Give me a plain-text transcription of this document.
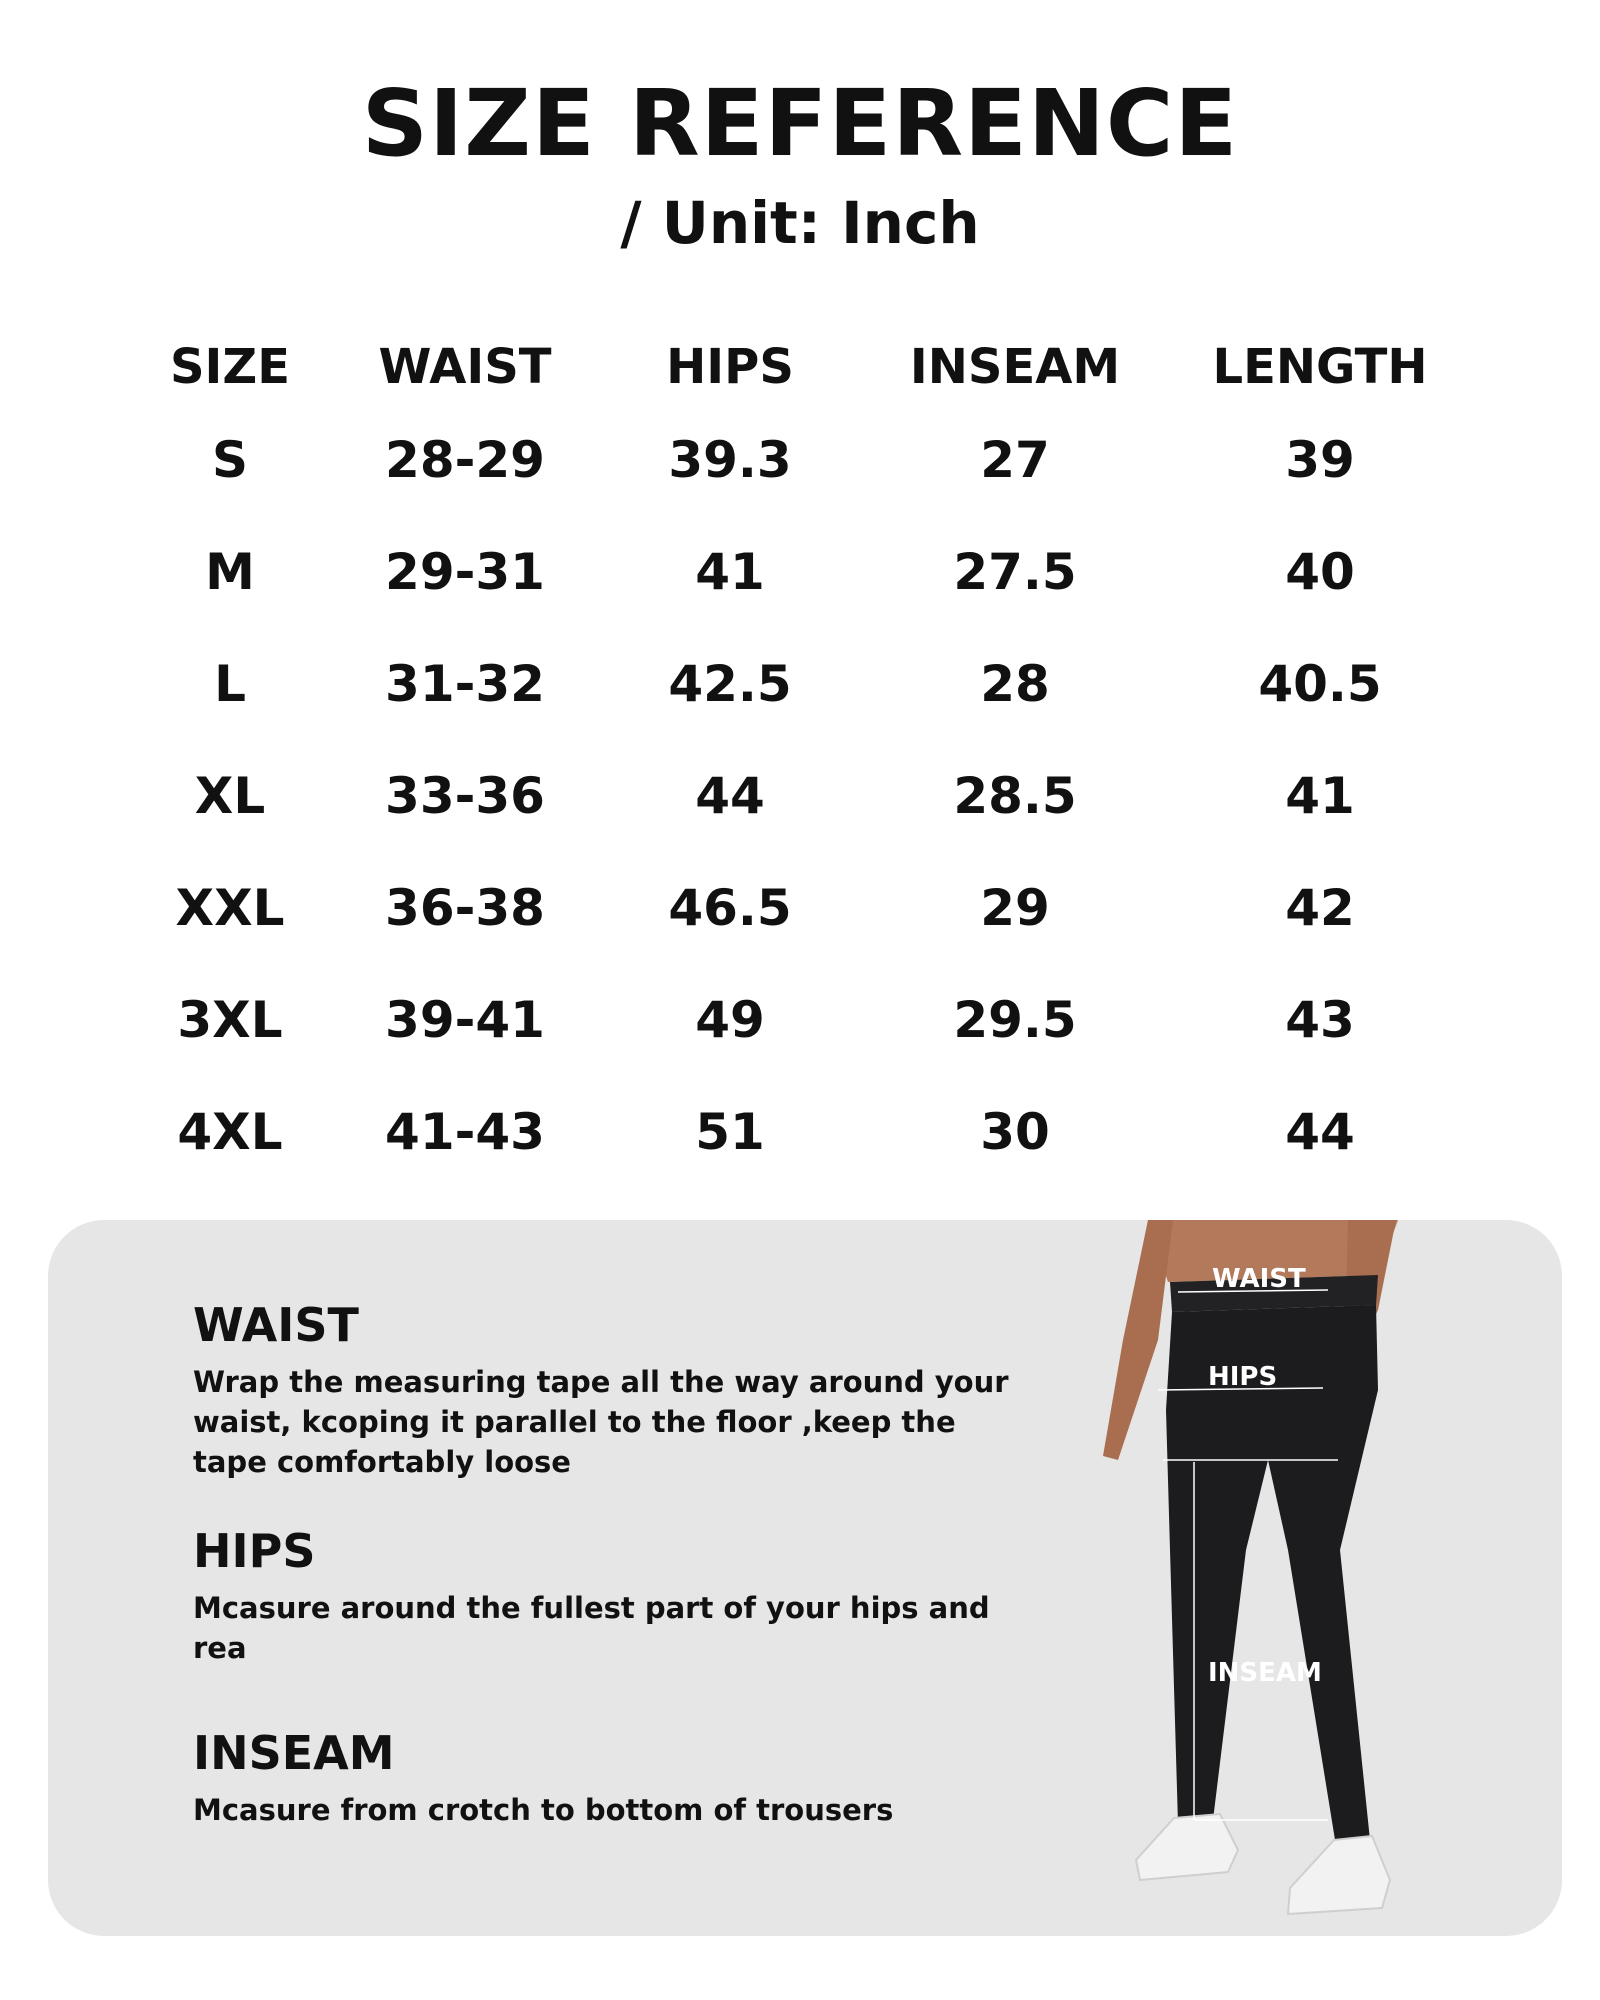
SIZE REFERENCE
/ Unit: Inch
SIZE	WAIST	HIPS	INSEAM	LENGTH
S	28-29	39.3	27	39
M	29-31	41	27.5	40
L	31-32	42.5	28	40.5
XL	33-36	44	28.5	41
XXL	36-38	46.5	29	42
3XL	39-41	49	29.5	43
4XL	41-43	51	30	44
WAIST

Wrap the measuring tape all the way around your waist, kcoping it parallel to the floor ,keep the tape comfortably loose

HIPS

Mcasure around the fullest part of your hips and rea

INSEAM

Mcasure from crotch to bottom of trousers

WAIST
HIPS
INSEAM
